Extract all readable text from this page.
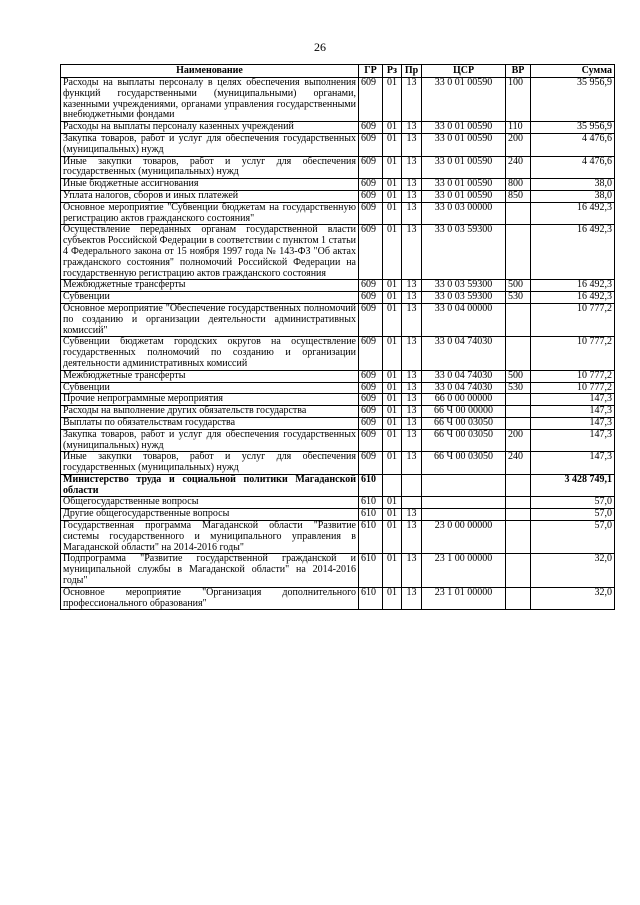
26
Наименование	ГР	Рз	Пр	ЦСР	ВР	Сумма
Расходы на выплаты персоналу в целях обеспечения выполнения функций государственными (муниципальными) органами, казенными учреждениями, органами управления государственными внебюджетными фондами	609	01	13	33 0 01 00590	100	35 956,9
Расходы на выплаты персоналу казенных учреждений	609	01	13	33 0 01 00590	110	35 956,9
Закупка товаров, работ и услуг для обеспечения государственных (муниципальных) нужд	609	01	13	33 0 01 00590	200	4 476,6
Иные закупки товаров, работ и услуг для обеспечения государственных (муниципальных) нужд	609	01	13	33 0 01 00590	240	4 476,6
Иные бюджетные ассигнования	609	01	13	33 0 01 00590	800	38,0
Уплата налогов, сборов и иных платежей	609	01	13	33 0 01 00590	850	38,0
Основное мероприятие "Субвенции бюджетам на государственную регистрацию актов гражданского состояния"	609	01	13	33 0 03 00000		16 492,3
Осуществление переданных органам государственной власти субъектов Российской Федерации в соответствии с пунктом 1 статьи 4 Федерального закона от 15 ноября 1997 года № 143-ФЗ "Об актах гражданского состояния" полномочий Российской Федерации на государственную регистрацию актов гражданского состояния	609	01	13	33 0 03 59300		16 492,3
Межбюджетные трансферты	609	01	13	33 0 03 59300	500	16 492,3
Субвенции	609	01	13	33 0 03 59300	530	16 492,3
Основное мероприятие "Обеспечение государственных полномочий по созданию и организации деятельности административных комиссий"	609	01	13	33 0 04 00000		10 777,2
Субвенции бюджетам городских округов на осуществление государственных полномочий по созданию и организации деятельности административных комиссий	609	01	13	33 0 04 74030		10 777,2
Межбюджетные трансферты	609	01	13	33 0 04 74030	500	10 777,2
Субвенции	609	01	13	33 0 04 74030	530	10 777,2
Прочие непрограммные мероприятия	609	01	13	66 0 00 00000		147,3
Расходы на выполнение других обязательств государства	609	01	13	66 Ч 00 00000		147,3
Выплаты по обязательствам государства	609	01	13	66 Ч 00 03050		147,3
Закупка товаров, работ и услуг для обеспечения государственных (муниципальных) нужд	609	01	13	66 Ч 00 03050	200	147,3
Иные закупки товаров, работ и услуг для обеспечения государственных (муниципальных) нужд	609	01	13	66 Ч 00 03050	240	147,3
Министерство труда и социальной политики Магаданской области	610					3 428 749,1
Общегосударственные вопросы	610	01				57,0
Другие общегосударственные вопросы	610	01	13			57,0
Государственная программа Магаданской области "Развитие системы государственного и муниципального управления в Магаданской области" на 2014-2016 годы"	610	01	13	23 0 00 00000		57,0
Подпрограмма "Развитие государственной гражданской и муниципальной службы в Магаданской области" на 2014-2016 годы"	610	01	13	23 1 00 00000		32,0
Основное мероприятие "Организация дополнительного профессионального образования"	610	01	13	23 1 01 00000		32,0
